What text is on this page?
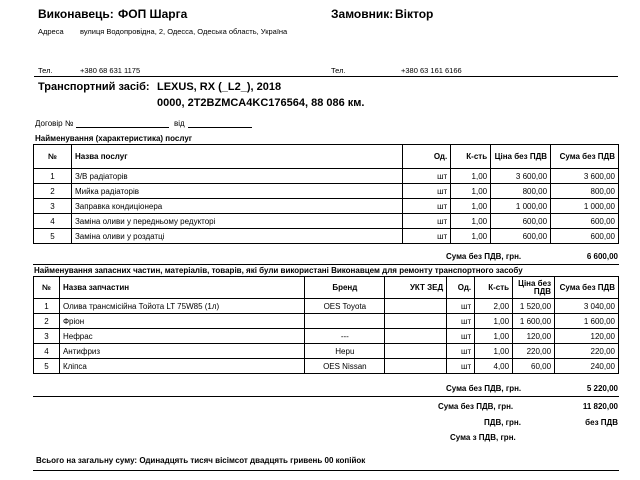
Виконавець: ФОП Шарга	Замовник: Віктор
Адреса вулиця Водопровідна, 2, Одесса, Одеська область, Україна
Тел.	+380 68 631 1175	Тел.	+380 63 161 6166
Транспортний засіб: LEXUS, RX (_L2_), 2018
0000, 2T2BZMCA4KC176564, 88 086 км.
Договір №	від
Найменування (характеристика) послуг
№	Назва послуг	Од.	К-сть	Ціна без ПДВ	Сума без ПДВ
1	З/В радіаторів	шт	1,00	3 600,00	3 600,00
2	Мийка радіаторів	шт	1,00	800,00	800,00
3	Заправка кондиціонера	шт	1,00	1 000,00	1 000,00
4	Заміна оливи у передньому редукторі	шт	1,00	600,00	600,00
5	Заміна оливи у роздатці	шт	1,00	600,00	600,00
Сума без ПДВ, грн.	6 600,00
Найменування запасних частин, матеріалів, товарів, які були використані Виконавцем для ремонту транспортного засобу
№	Назва запчастин	Бренд	УКТ ЗЕД	Од.	К-сть	Ціна без ПДВ	Сума без ПДВ
1	Олива трансмісійна Тойота LT 75W85 (1л)	OES Toyota		шт	2,00	1 520,00	3 040,00
2	Фріон			шт	1,00	1 600,00	1 600,00
3	Нефрас	---		шт	1,00	120,00	120,00
4	Антифриз	Hepu		шт	1,00	220,00	220,00
5	Кліпса	OES Nissan		шт	4,00	60,00	240,00
Сума без ПДВ, грн.	5 220,00
Сума без ПДВ, грн.	11 820,00
ПДВ, грн.	без ПДВ
Сума з ПДВ, грн.
Всього на загальну суму: Одинадцять тисяч вісімсот двадцять гривень 00 копійок
